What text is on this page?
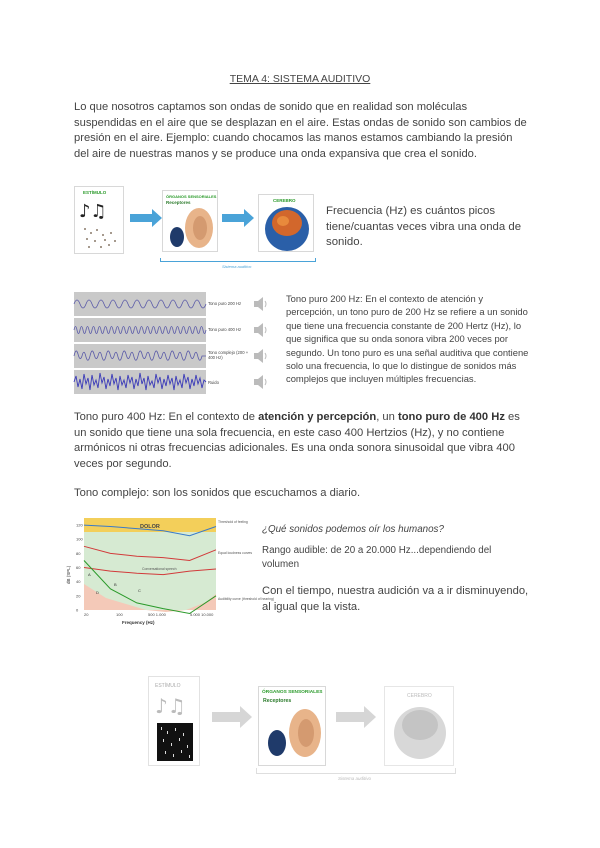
TEMA 4: SISTEMA AUDITIVO
Lo que nosotros captamos son ondas de sonido que en realidad son moléculas suspendidas en el aire que se desplazan en el aire. Estas ondas de sonido son cambios de presión en el aire. Ejemplo: cuando chocamos las manos estamos cambiando la presión del aire de nuestras manos y se produce una onda expansiva que crea el sonido.
ESTÍMULO
♪♫
ÓRGANOS SENSORIALES
Receptores	CEREBRO
Sistema auditivo
Frecuencia (Hz) es cuántos picos tiene/cuantas veces vibra una onda de sonido.
Tono puro 200 Hz
Tono puro 400 Hz
Tono complejo (200 + 400 Hz)
Ruido
Tono puro 200 Hz: En el contexto de atención y percepción, un tono puro de 200 Hz se refiere a un sonido que tiene una frecuencia constante de 200 Hertz (Hz), lo que significa que su onda sonora vibra 200 veces por segundo. Un tono puro es una señal auditiva que contiene solo una frecuencia, lo que lo distingue de sonidos más complejos que incluyen múltiples frecuencias.
Tono puro 400 Hz: En el contexto de atención y percepción, un tono puro de 400 Hz es un sonido que tiene una sola frecuencia, en este caso 400 Hertzios (Hz), y no contiene armónicos ni otras frecuencias adicionales. Es una onda sonora sinusoidal que vibra 400 veces por segundo.
Tono complejo: son los sonidos que escuchamos a diario.
0
20
40
60
80
100
120
20	100	500 1.000	5.000 10.000
A
B
C
D
DOLOR
Frequency (Hz)
dB (SPL)
Threshold of feeling
Conversational speech
Equal loudness curves
Audibility curve (threshold of hearing)
¿Qué sonidos podemos oír los humanos?
Rango audible: de 20 a 20.000 Hz...dependiendo del volumen
Con el tiempo, nuestra audición va a ir disminuyendo, al igual que la vista.
ESTÍMULO
♪♫
ÓRGANOS SENSORIALES
Receptores
CEREBRO
Sistema auditivo
